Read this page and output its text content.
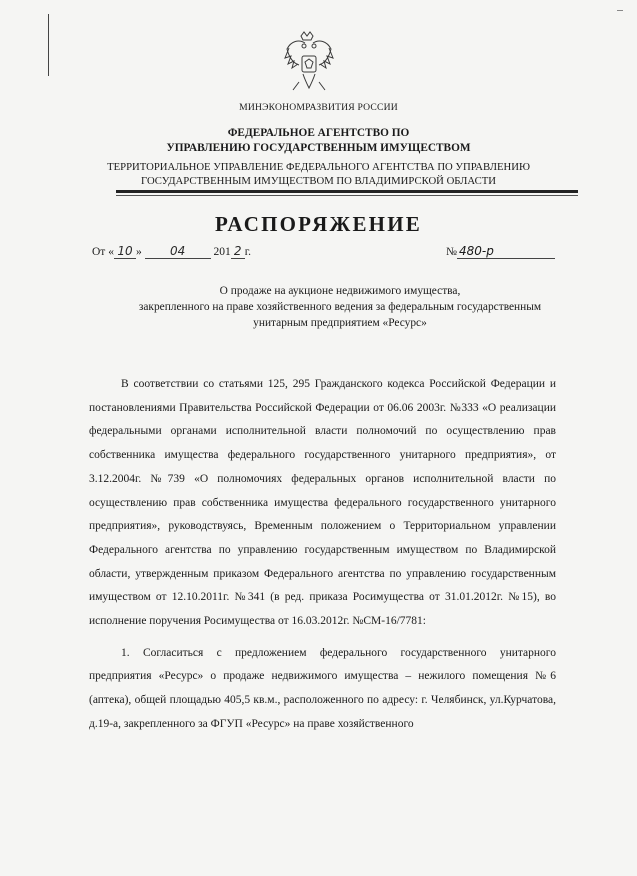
МИНЭКОНОМРАЗВИТИЯ РОССИИ
ФЕДЕРАЛЬНОЕ АГЕНТСТВО ПО
УПРАВЛЕНИЮ ГОСУДАРСТВЕННЫМ ИМУЩЕСТВОМ
ТЕРРИТОРИАЛЬНОЕ УПРАВЛЕНИЕ ФЕДЕРАЛЬНОГО АГЕНТСТВА ПО УПРАВЛЕНИЮ
ГОСУДАРСТВЕННЫМ ИМУЩЕСТВОМ ПО ВЛАДИМИРСКОЙ ОБЛАСТИ
РАСПОРЯЖЕНИЕ
От « 10 » 04 201 2 г.	№ 480-р
О продаже на аукционе недвижимого имущества,
закрепленного на праве хозяйственного ведения за федеральным государственным
унитарным предприятием «Ресурс»

В соответствии со статьями 125, 295 Гражданского кодекса Российской Федерации и постановлениями Правительства Российской Федерации от 06.06 2003г. №333 «О реализации федеральными органами исполнительной власти полномочий по осуществлению прав собственника имущества федерального государственного унитарного предприятия», от 3.12.2004г. №739 «О полномочиях федеральных органов исполнительной власти по осуществлению прав собственника имущества федерального государственного унитарного предприятия», руководствуясь, Временным положением о Территориальном управлении Федерального агентства по управлению государственным имуществом по Владимирской области, утвержденным приказом Федерального агентства по управлению государственным имуществом от 12.10.2011г. №341 (в ред. приказа Росимущества от 31.01.2012г. №15), во исполнение поручения Росимущества от 16.03.2012г. №СМ-16/7781:

1. Согласиться с предложением федерального государственного унитарного предприятия «Ресурс» о продаже недвижимого имущества – нежилого помещения №6 (аптека), общей площадью 405,5 кв.м., расположенного по адресу: г. Челябинск, ул.Курчатова, д.19-а, закрепленного за ФГУП «Ресурс» на праве хозяйственного
